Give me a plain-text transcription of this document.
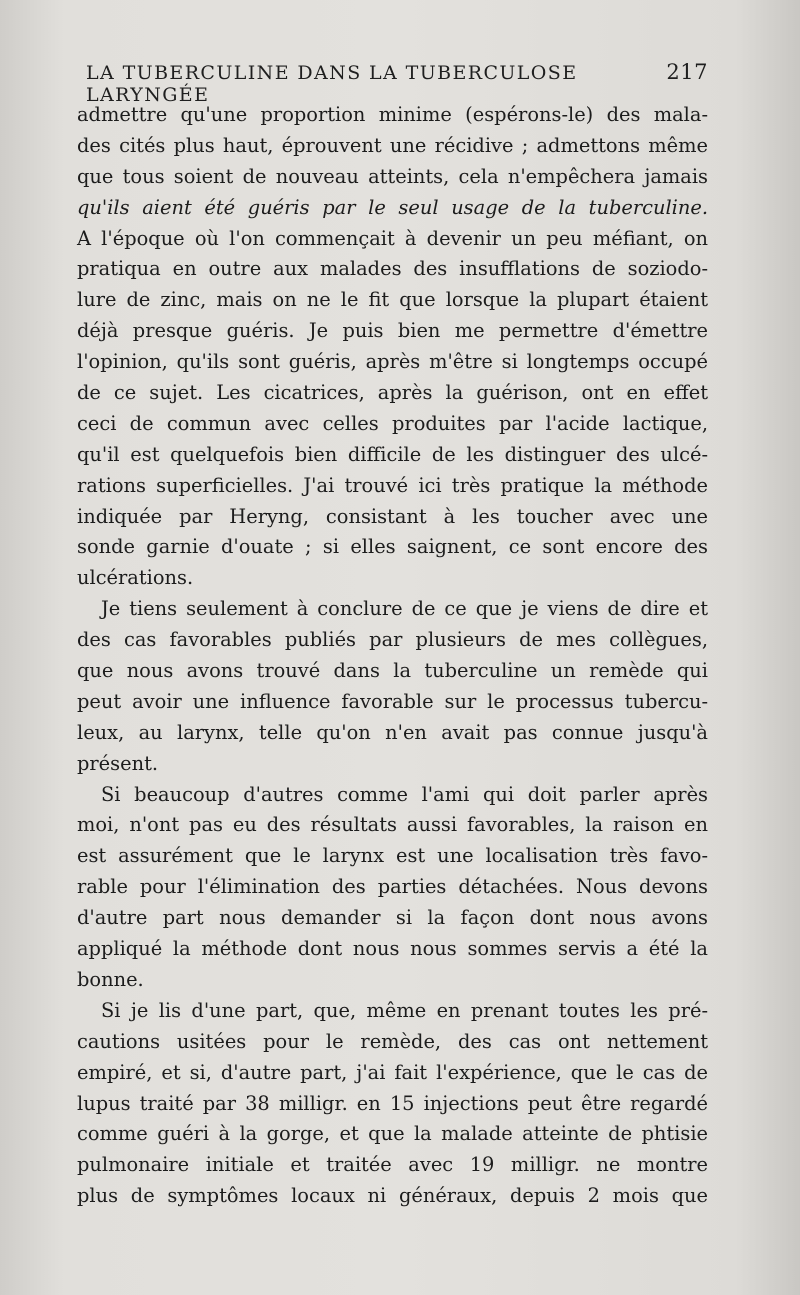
LA TUBERCULINE DANS LA TUBERCULOSE LARYNGÉE
217
admettre qu'une proportion minime (espérons-le) des mala-
des cités plus haut, éprouvent une récidive ; admettons même
que tous soient de nouveau atteints, cela n'empêchera jamais
qu'ils aient été guéris par le seul usage de la tuberculine.
A l'époque où l'on commençait à devenir un peu méfiant, on
pratiqua en outre aux malades des insufflations de soziodo-
lure de zinc, mais on ne le fit que lorsque la plupart étaient
déjà presque guéris. Je puis bien me permettre d'émettre
l'opinion, qu'ils sont guéris, après m'être si longtemps occupé
de ce sujet. Les cicatrices, après la guérison, ont en effet
ceci de commun avec celles produites par l'acide lactique,
qu'il est quelquefois bien difficile de les distinguer des ulcé-
rations superficielles. J'ai trouvé ici très pratique la méthode
indiquée par Heryng, consistant à les toucher avec une
sonde garnie d'ouate ; si elles saignent, ce sont encore des
ulcérations.
Je tiens seulement à conclure de ce que je viens de dire et
des cas favorables publiés par plusieurs de mes collègues,
que nous avons trouvé dans la tuberculine un remède qui
peut avoir une influence favorable sur le processus tubercu-
leux, au larynx, telle qu'on n'en avait pas connue jusqu'à
présent.
Si beaucoup d'autres comme l'ami qui doit parler après
moi, n'ont pas eu des résultats aussi favorables, la raison en
est assurément que le larynx est une localisation très favo-
rable pour l'élimination des parties détachées. Nous devons
d'autre part nous demander si la façon dont nous avons
appliqué la méthode dont nous nous sommes servis a été la
bonne.
Si je lis d'une part, que, même en prenant toutes les pré-
cautions usitées pour le remède, des cas ont nettement
empiré, et si, d'autre part, j'ai fait l'expérience, que le cas de
lupus traité par 38 milligr. en 15 injections peut être regardé
comme guéri à la gorge, et que la malade atteinte de phtisie
pulmonaire initiale et traitée avec 19 milligr. ne montre
plus de symptômes locaux ni généraux, depuis 2 mois que
